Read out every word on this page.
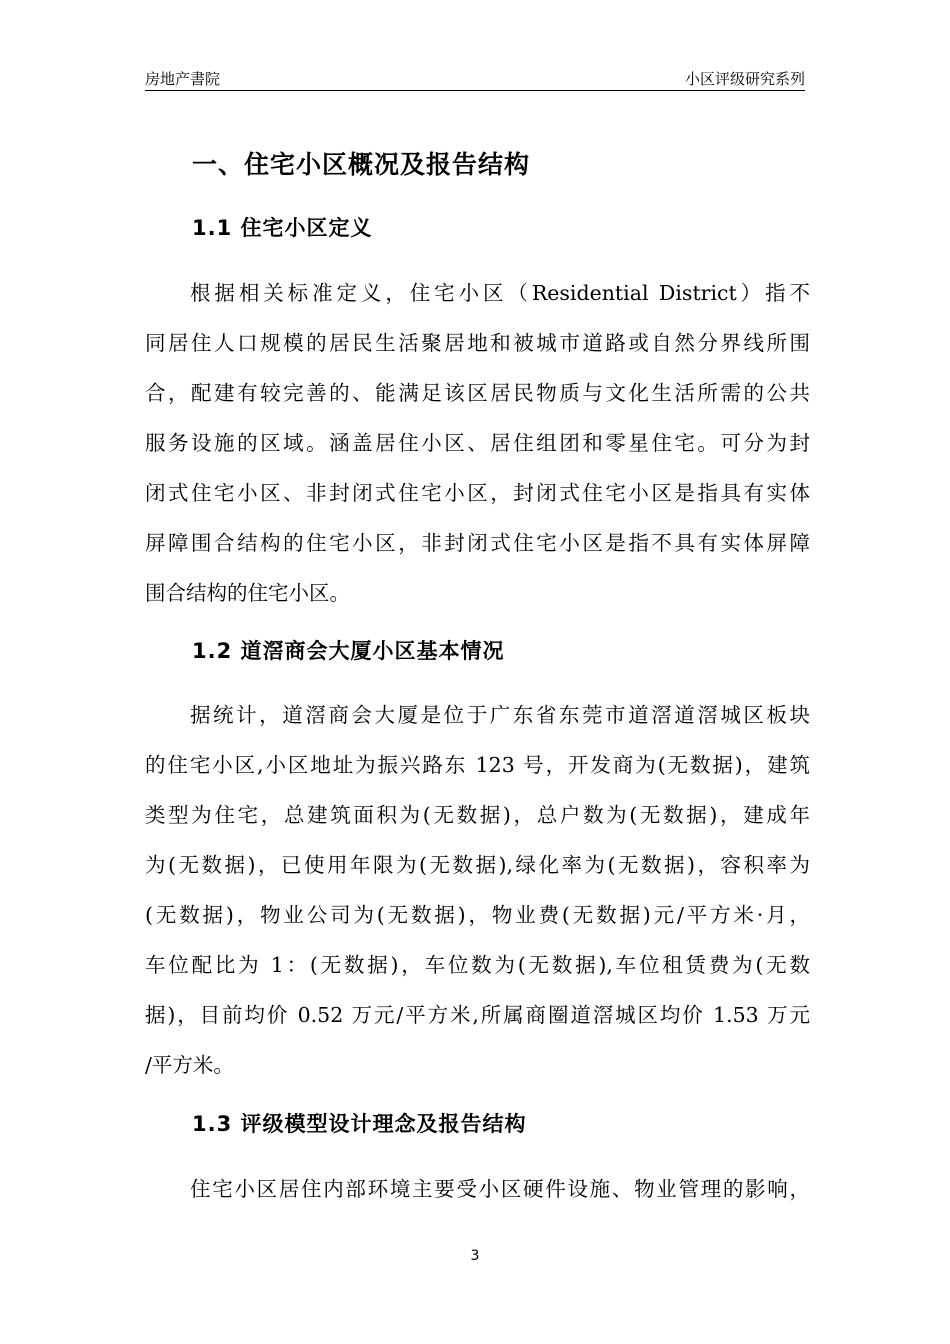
房地产書院	小区评级研究系列
一、住宅小区概况及报告结构
1.1 住宅小区定义
根据相关标准定义，住宅小区（Residential District）指不
同居住人口规模的居民生活聚居地和被城市道路或自然分界线所围
合，配建有较完善的、能满足该区居民物质与文化生活所需的公共
服务设施的区域。涵盖居住小区、居住组团和零星住宅。可分为封
闭式住宅小区、非封闭式住宅小区，封闭式住宅小区是指具有实体
屏障围合结构的住宅小区，非封闭式住宅小区是指不具有实体屏障
围合结构的住宅小区。
1.2 道滘商会大厦小区基本情况
据统计，道滘商会大厦是位于广东省东莞市道滘道滘城区板块
的住宅小区,小区地址为振兴路东 123 号，开发商为(无数据)，建筑
类型为住宅，总建筑面积为(无数据)，总户数为(无数据)，建成年
为(无数据)，已使用年限为(无数据),绿化率为(无数据)，容积率为
(无数据)，物业公司为(无数据)，物业费(无数据)元/平方米·月，
车位配比为 1：(无数据)，车位数为(无数据),车位租赁费为(无数
据)，目前均价 0.52 万元/平方米,所属商圈道滘城区均价 1.53 万元
/平方米。
1.3 评级模型设计理念及报告结构
住宅小区居住内部环境主要受小区硬件设施、物业管理的影响，
3
